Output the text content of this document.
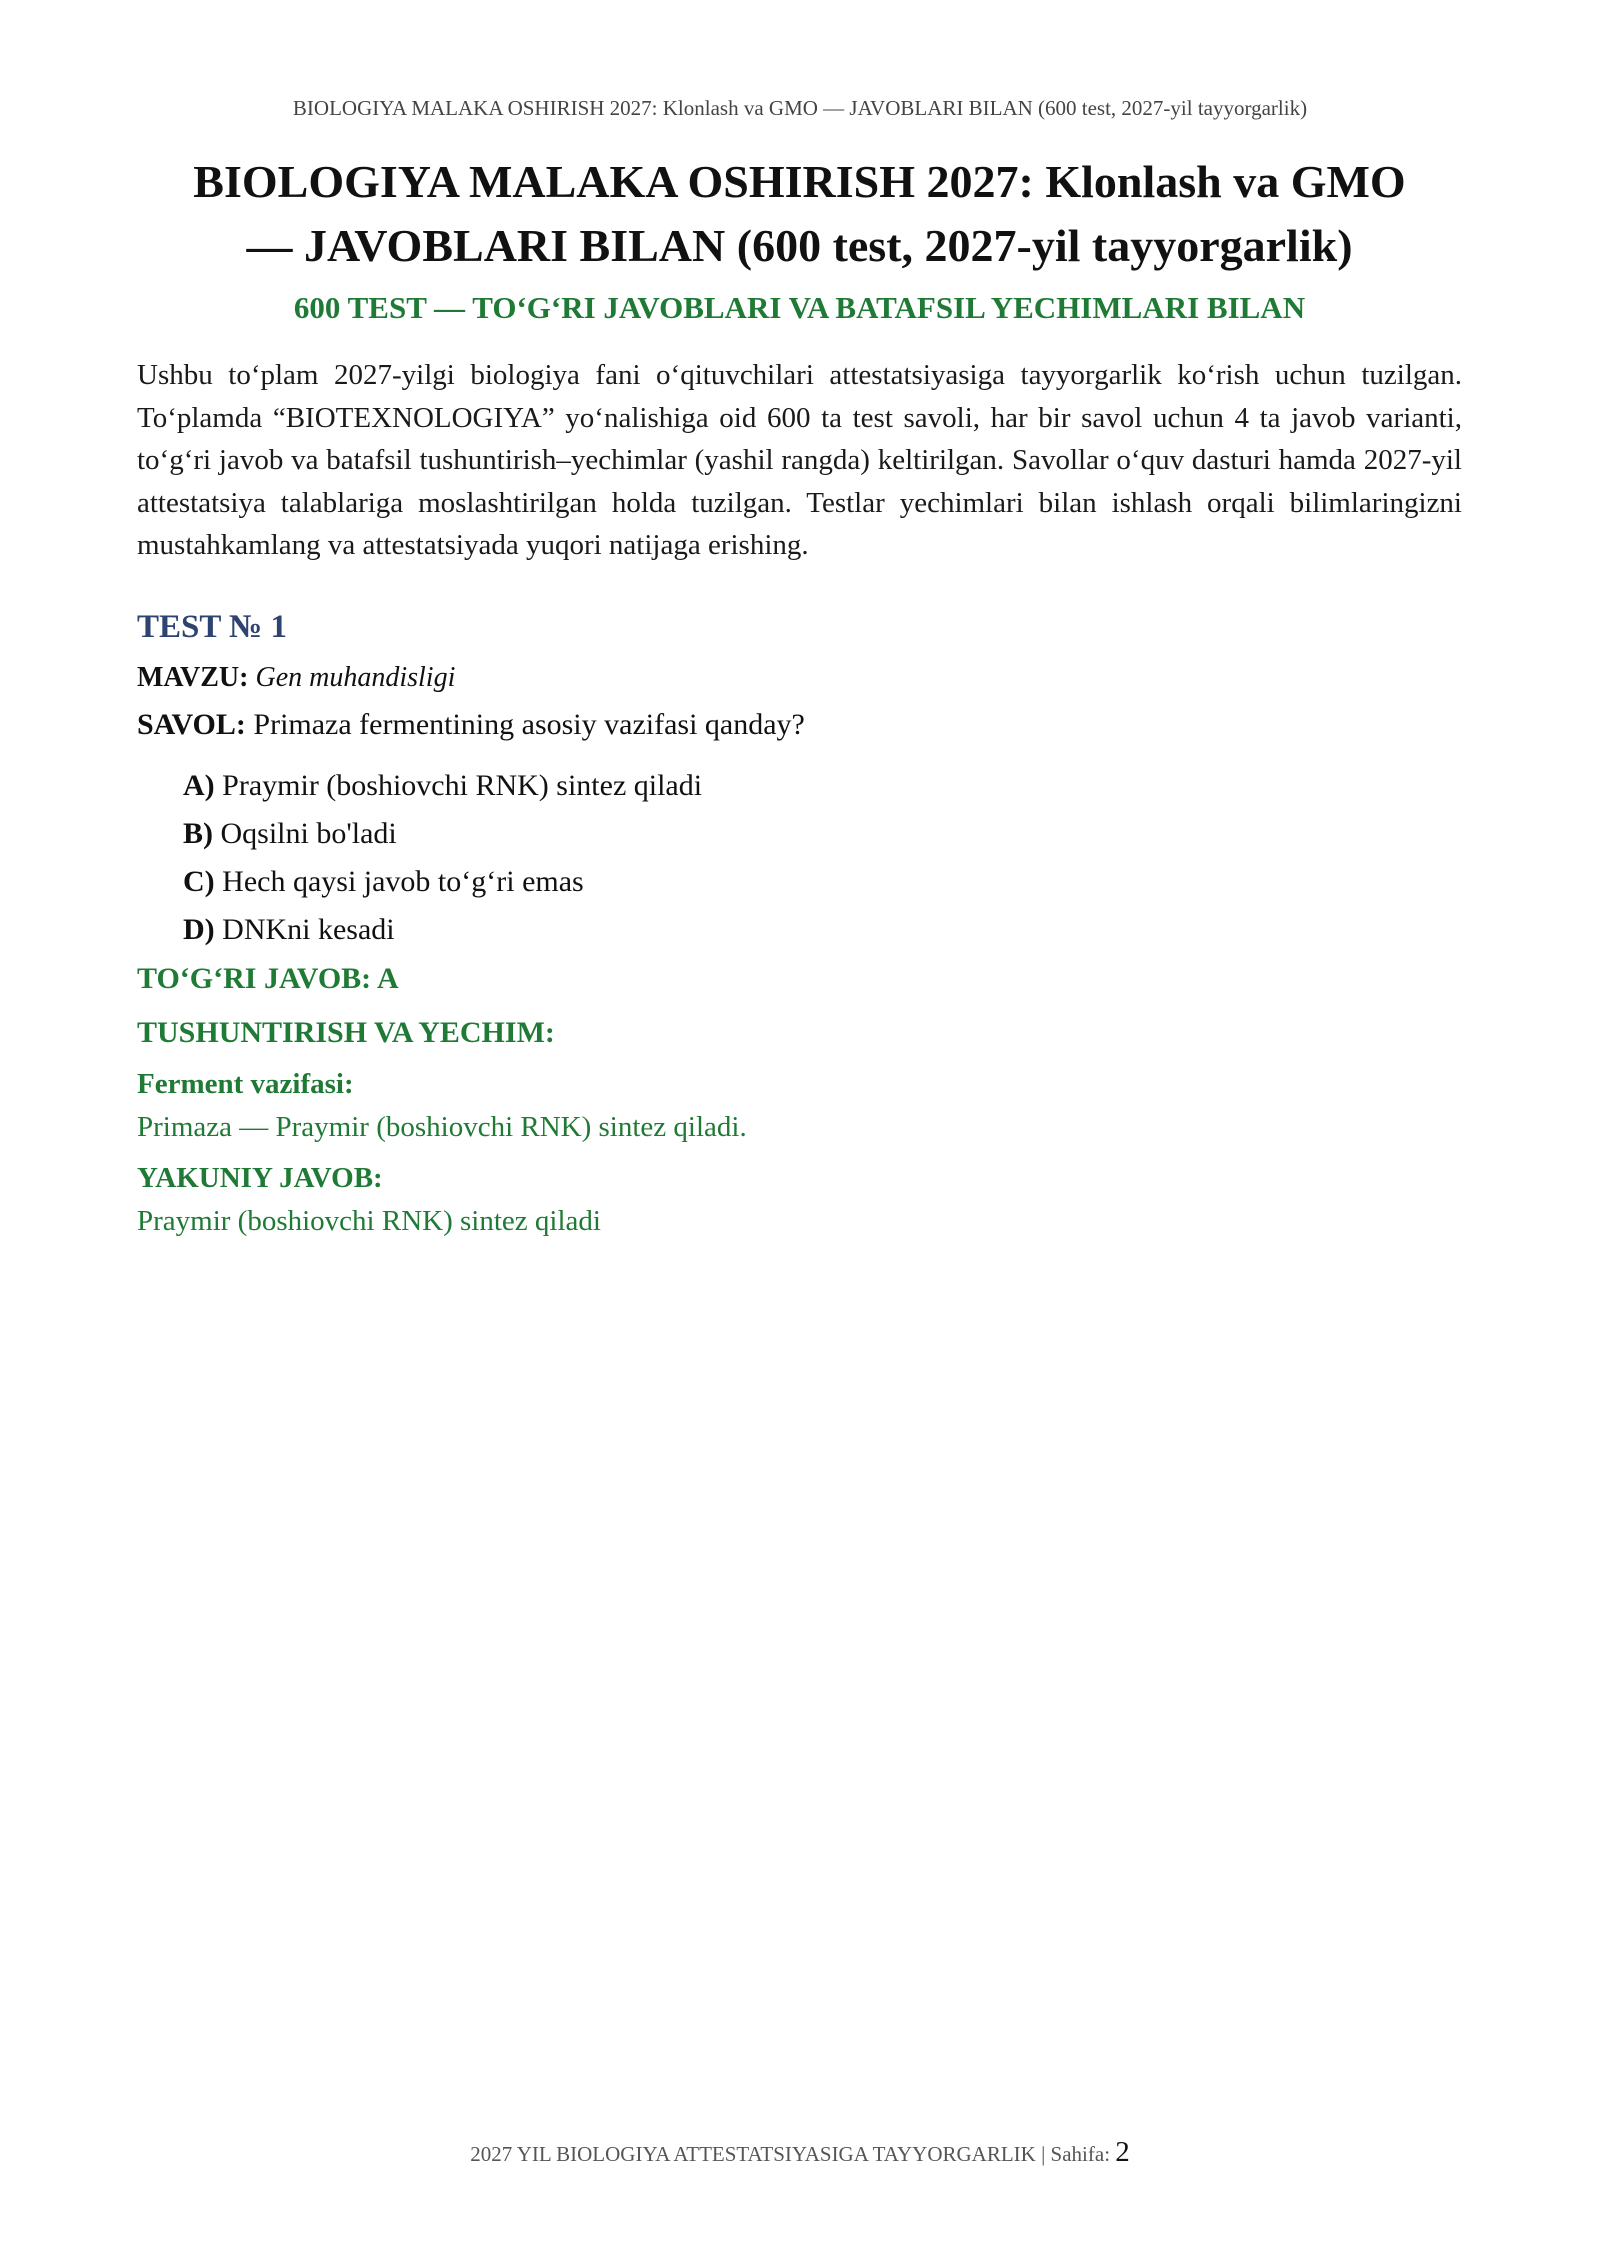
BIOLOGIYA MALAKA OSHIRISH 2027: Klonlash va GMO — JAVOBLARI BILAN (600 test, 2027-yil tayyorgarlik)
BIOLOGIYA MALAKA OSHIRISH 2027: Klonlash va GMO
— JAVOBLARI BILAN (600 test, 2027-yil tayyorgarlik)
600 TEST — TO‘G‘RI JAVOBLARI VA BATAFSIL YECHIMLARI BILAN

Ushbu to‘plam 2027-yilgi biologiya fani o‘qituvchilari attestatsiyasiga tayyorgarlik ko‘rish uchun tuzilgan. To‘plamda “BIOTEXNOLOGIYA” yo‘nalishiga oid 600 ta test savoli, har bir savol uchun 4 ta javob varianti, to‘g‘ri javob va batafsil tushuntirish–yechimlar (yashil rangda) keltirilgan. Savollar o‘quv dasturi hamda 2027-yil attestatsiya talablariga moslashtirilgan holda tuzilgan. Testlar yechimlari bilan ishlash orqali bilimlaringizni mustahkamlang va attestatsiyada yuqori natijaga erishing.

TEST № 1
MAVZU: Gen muhandisligi
SAVOL: Primaza fermentining asosiy vazifasi qanday?
A) Praymir (boshiovchi RNK) sintez qiladi
B) Oqsilni bo'ladi
C) Hech qaysi javob to‘g‘ri emas
D) DNKni kesadi
TO‘G‘RI JAVOB: A
TUSHUNTIRISH VA YECHIM:
Ferment vazifasi:
Primaza — Praymir (boshiovchi RNK) sintez qiladi.
YAKUNIY JAVOB:
Praymir (boshiovchi RNK) sintez qiladi
2027 YIL BIOLOGIYA ATTESTATSIYASIGA TAYYORGARLIK | Sahifa: 2
